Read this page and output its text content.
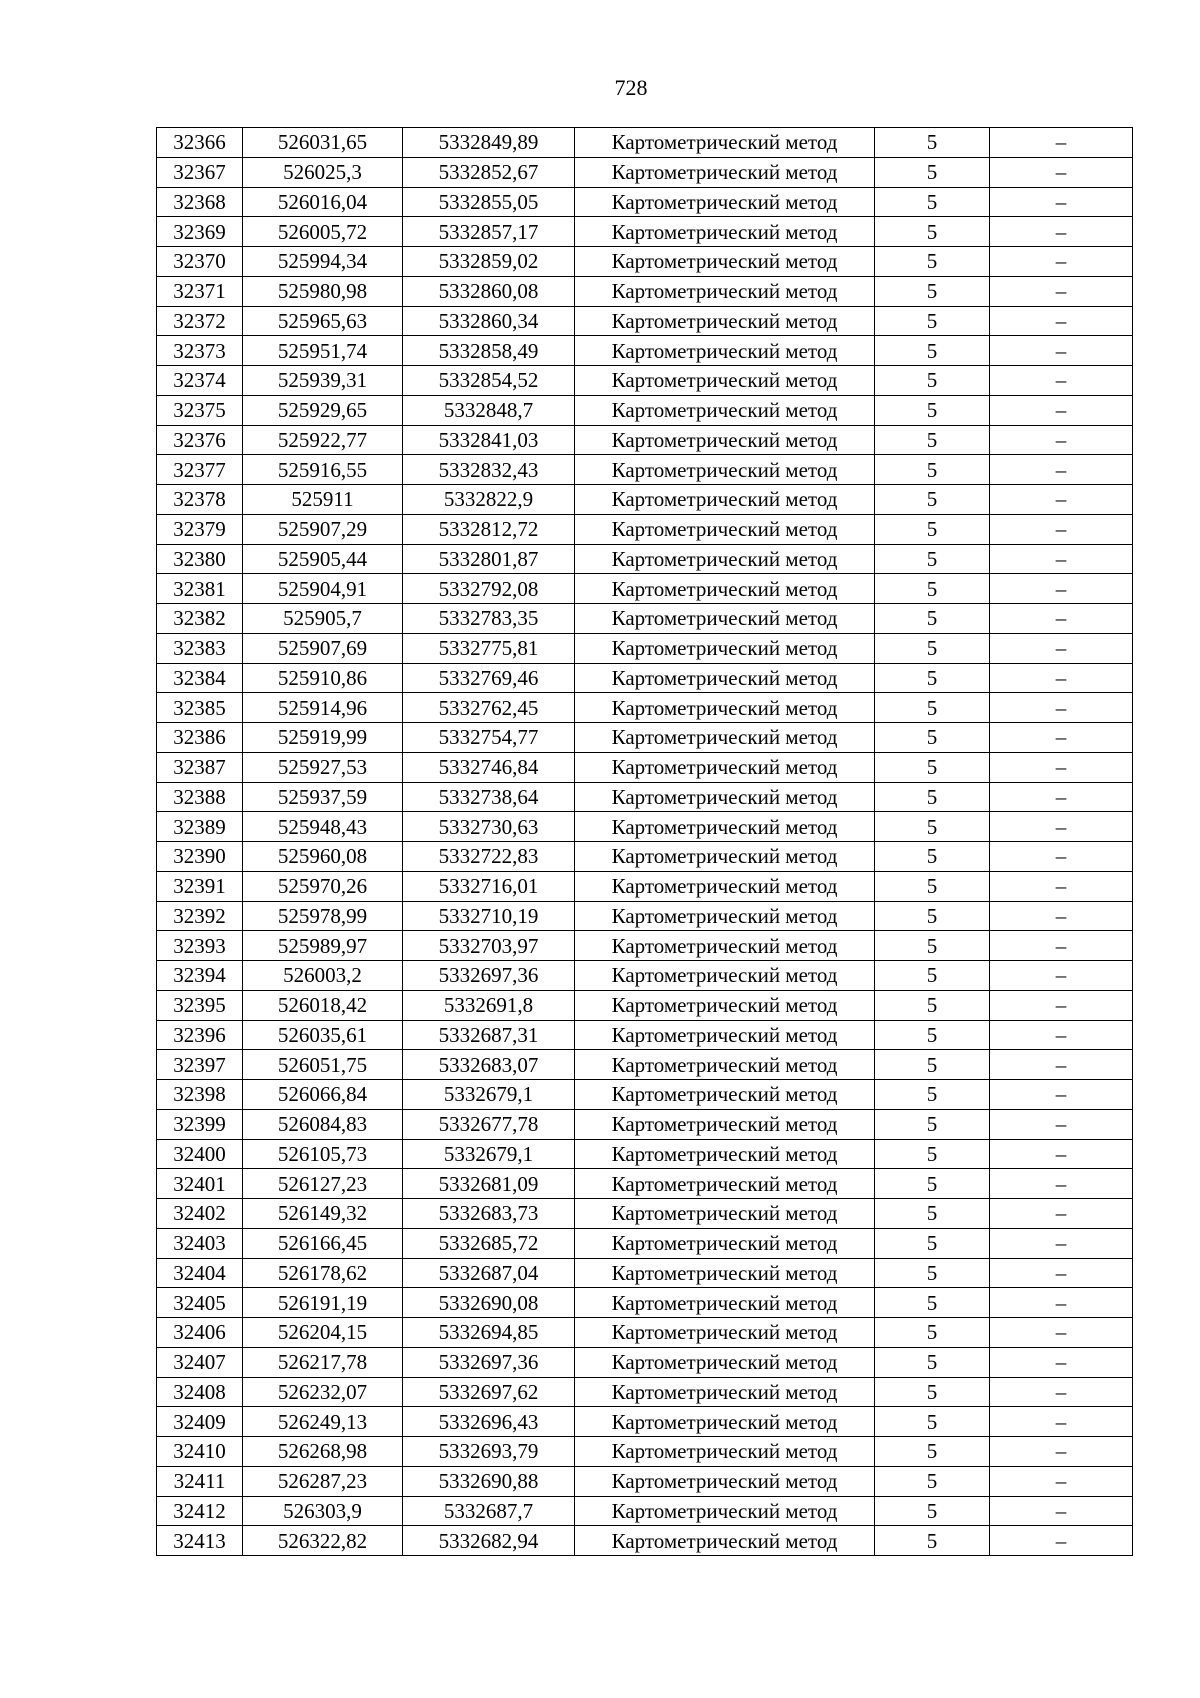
728
32366	526031,65	5332849,89	Картометрический метод	5	–
32367	526025,3	5332852,67	Картометрический метод	5	–
32368	526016,04	5332855,05	Картометрический метод	5	–
32369	526005,72	5332857,17	Картометрический метод	5	–
32370	525994,34	5332859,02	Картометрический метод	5	–
32371	525980,98	5332860,08	Картометрический метод	5	–
32372	525965,63	5332860,34	Картометрический метод	5	–
32373	525951,74	5332858,49	Картометрический метод	5	–
32374	525939,31	5332854,52	Картометрический метод	5	–
32375	525929,65	5332848,7	Картометрический метод	5	–
32376	525922,77	5332841,03	Картометрический метод	5	–
32377	525916,55	5332832,43	Картометрический метод	5	–
32378	525911	5332822,9	Картометрический метод	5	–
32379	525907,29	5332812,72	Картометрический метод	5	–
32380	525905,44	5332801,87	Картометрический метод	5	–
32381	525904,91	5332792,08	Картометрический метод	5	–
32382	525905,7	5332783,35	Картометрический метод	5	–
32383	525907,69	5332775,81	Картометрический метод	5	–
32384	525910,86	5332769,46	Картометрический метод	5	–
32385	525914,96	5332762,45	Картометрический метод	5	–
32386	525919,99	5332754,77	Картометрический метод	5	–
32387	525927,53	5332746,84	Картометрический метод	5	–
32388	525937,59	5332738,64	Картометрический метод	5	–
32389	525948,43	5332730,63	Картометрический метод	5	–
32390	525960,08	5332722,83	Картометрический метод	5	–
32391	525970,26	5332716,01	Картометрический метод	5	–
32392	525978,99	5332710,19	Картометрический метод	5	–
32393	525989,97	5332703,97	Картометрический метод	5	–
32394	526003,2	5332697,36	Картометрический метод	5	–
32395	526018,42	5332691,8	Картометрический метод	5	–
32396	526035,61	5332687,31	Картометрический метод	5	–
32397	526051,75	5332683,07	Картометрический метод	5	–
32398	526066,84	5332679,1	Картометрический метод	5	–
32399	526084,83	5332677,78	Картометрический метод	5	–
32400	526105,73	5332679,1	Картометрический метод	5	–
32401	526127,23	5332681,09	Картометрический метод	5	–
32402	526149,32	5332683,73	Картометрический метод	5	–
32403	526166,45	5332685,72	Картометрический метод	5	–
32404	526178,62	5332687,04	Картометрический метод	5	–
32405	526191,19	5332690,08	Картометрический метод	5	–
32406	526204,15	5332694,85	Картометрический метод	5	–
32407	526217,78	5332697,36	Картометрический метод	5	–
32408	526232,07	5332697,62	Картометрический метод	5	–
32409	526249,13	5332696,43	Картометрический метод	5	–
32410	526268,98	5332693,79	Картометрический метод	5	–
32411	526287,23	5332690,88	Картометрический метод	5	–
32412	526303,9	5332687,7	Картометрический метод	5	–
32413	526322,82	5332682,94	Картометрический метод	5	–
